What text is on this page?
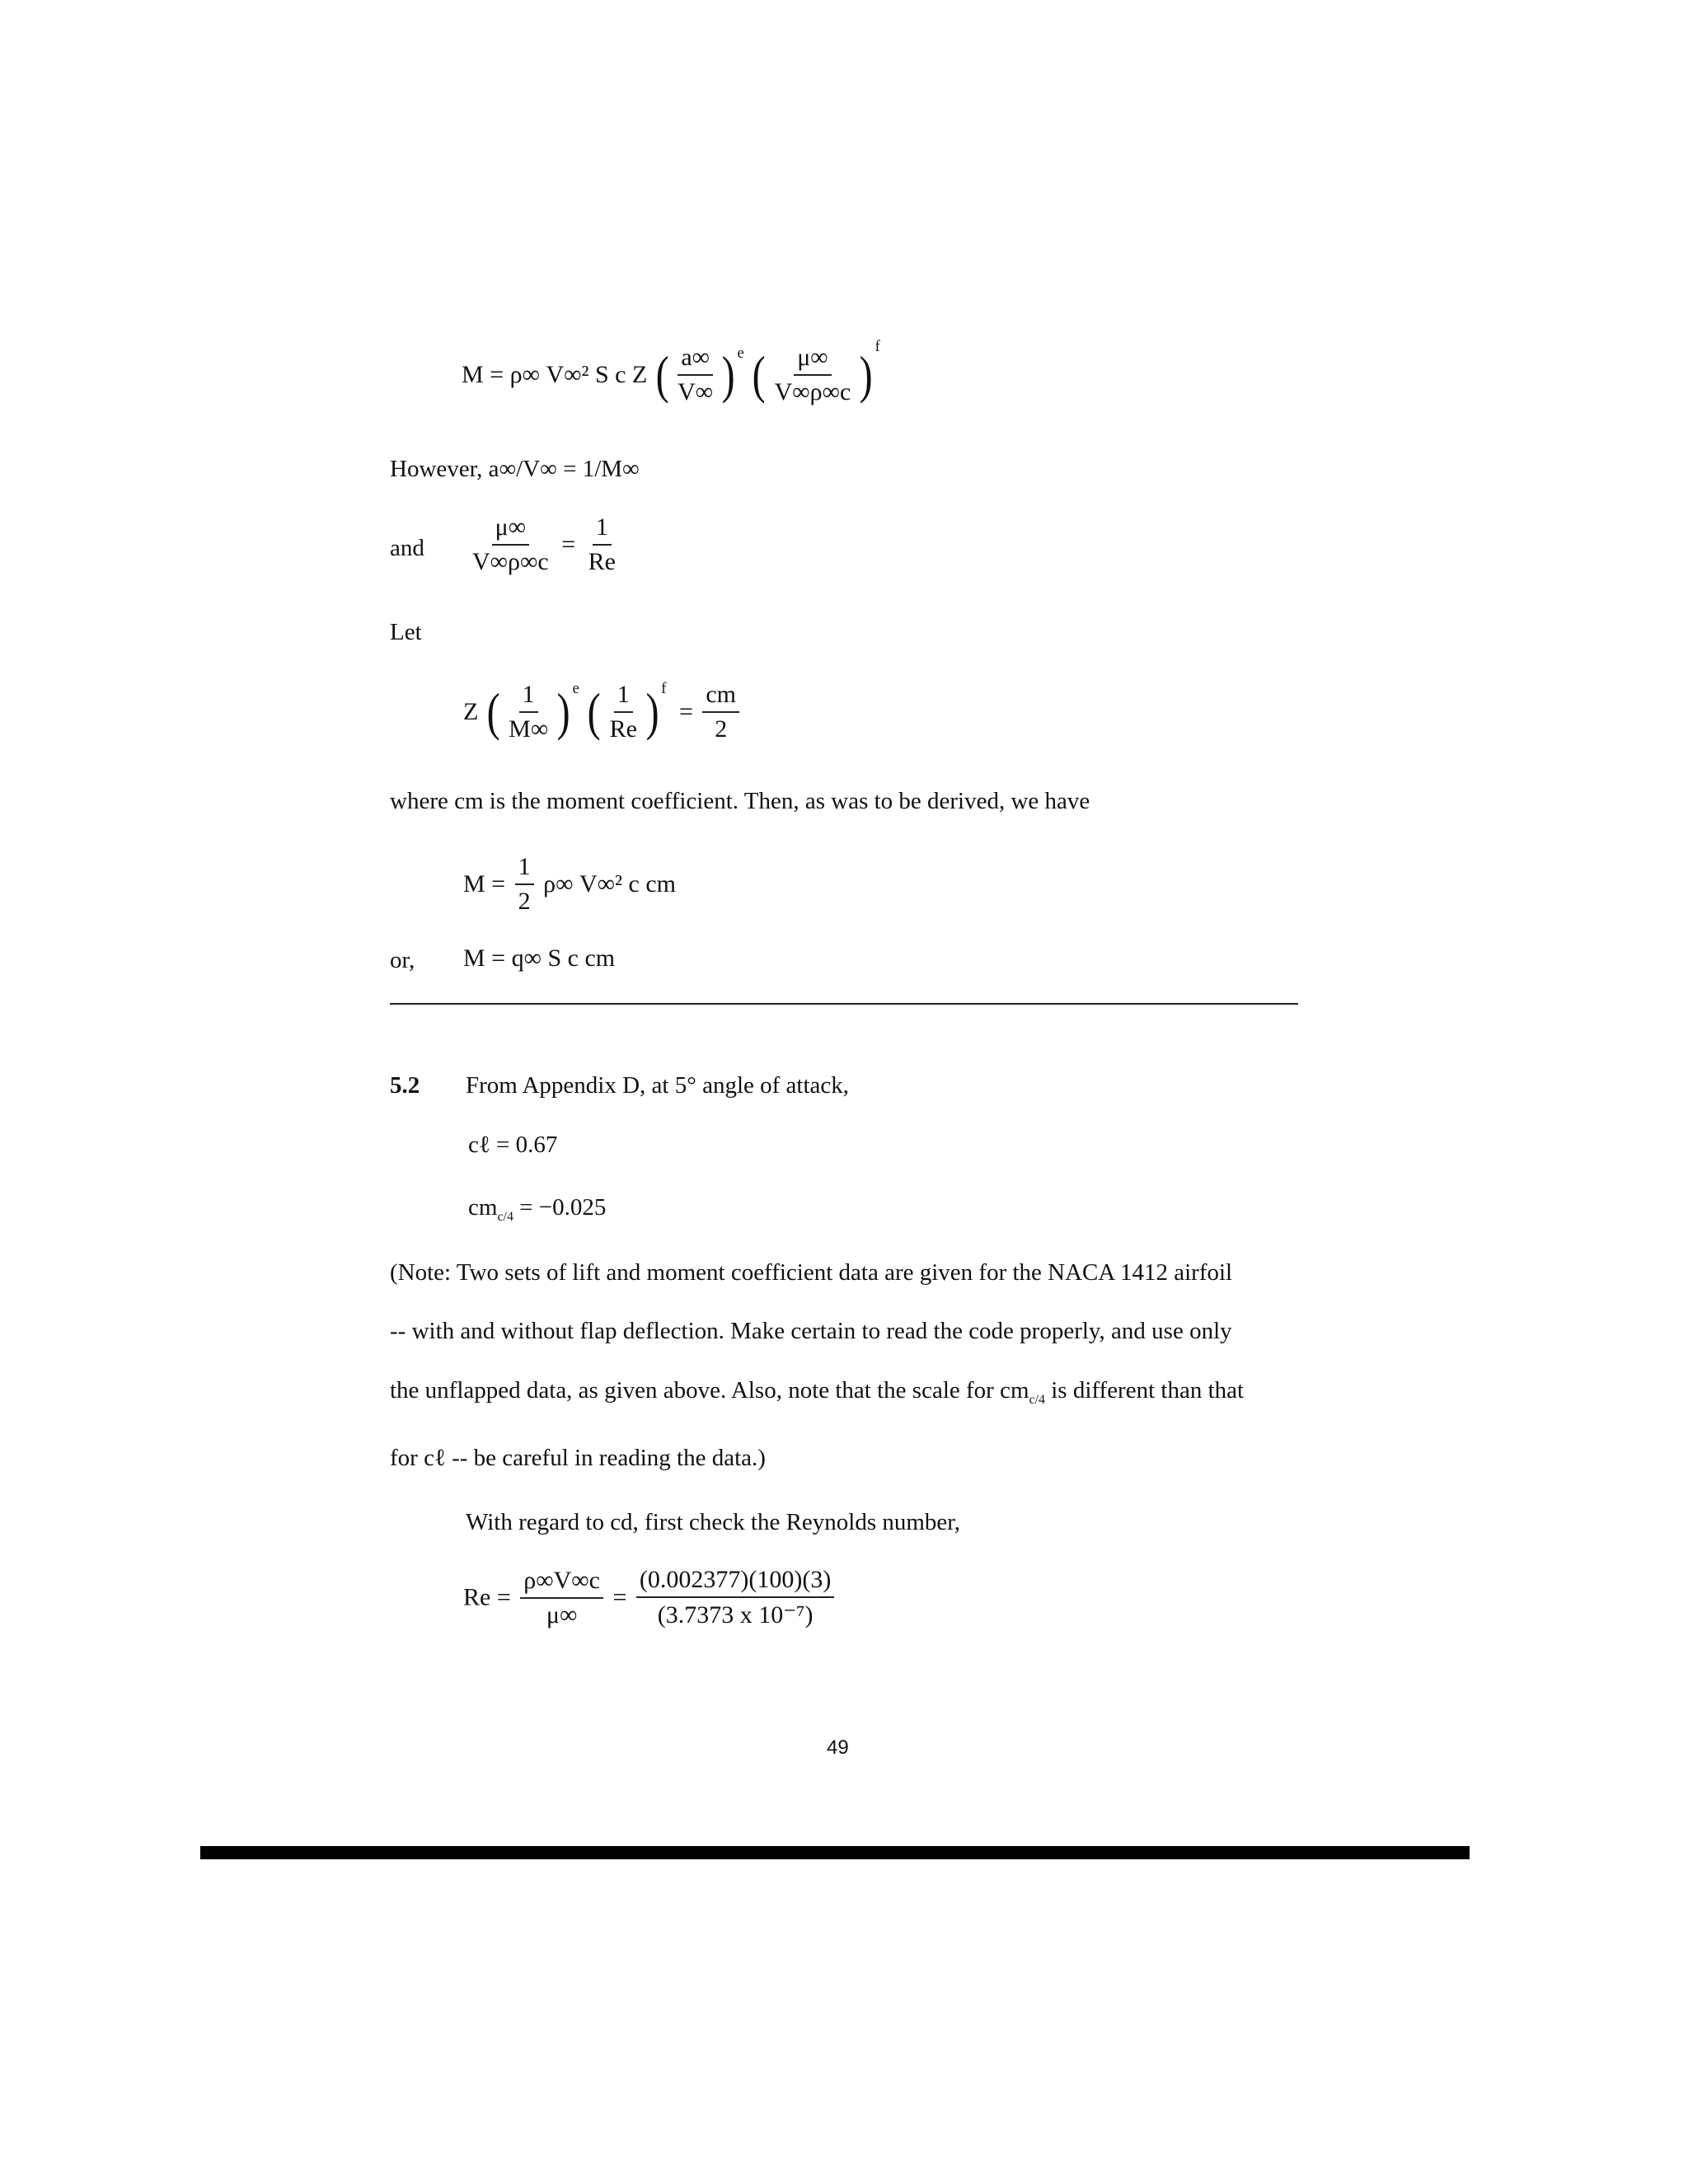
M = ρ∞ V∞² S c Z ( $\frac{a\infty}{V\infty}$ ) $^e$ ( $\frac{\mu\infty}{V\infty\rho\infty c}$ ) $^f$
However, a∞/V∞ = 1/M∞
and $\frac{\mu\infty}{V\infty\rho\infty c} = \frac{1}{Re}$
Let
Z ( $\frac{1}{M\infty}$ ) $^e$ ( $\frac{1}{Re}$ ) $^f = \frac{cm}{2}$
where cm is the moment coefficient. Then, as was to be derived, we have
$M = \frac{1}{2} \rho\infty$ V∞² c cm
or, M = q∞ S c cm
5.2 From Appendix D, at 5° angle of attack,
cℓ = 0.67
$cm_{c/4} = -0.025$
(Note: Two sets of lift and moment coefficient data are given for the NACA 1412 airfoil
-- with and without flap deflection. Make certain to read the code properly, and use only
the unflapped data, as given above. Also, note that the scale for $cm_{c/4}$ is different than that
for cℓ -- be careful in reading the data.)
With regard to cd, first check the Reynolds number,
$Re = \frac{\rho\infty V\infty c}{\mu\infty} = \frac{(0.002377)(100)(3)}{\text{(3.7373 x 10⁻⁷)}}$
49
